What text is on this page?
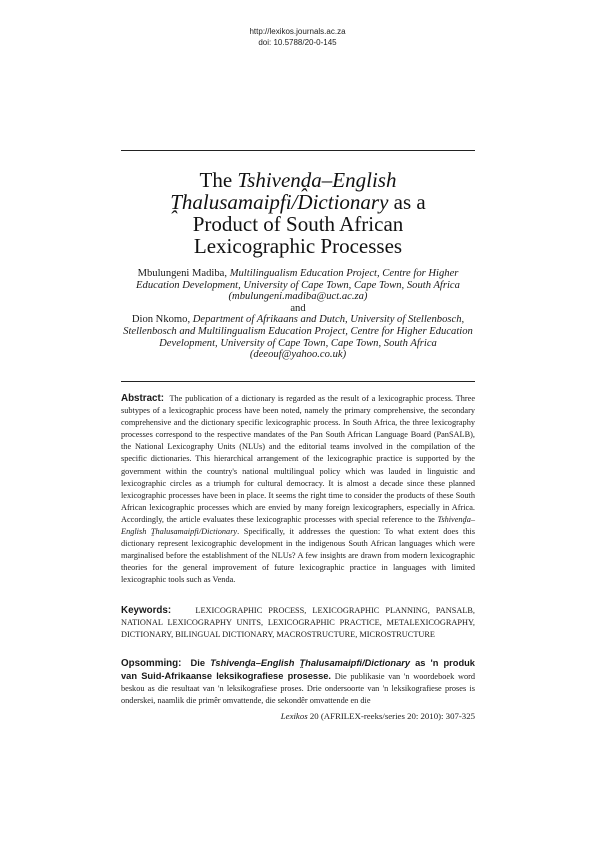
http://lexikos.journals.ac.za
doi: 10.5788/20-0-145
The Tshivenḓa–English
Ṱhalusamaipfi/Dictionary as a
Product of South African
Lexicographic Processes
Mbulungeni Madiba, Multilingualism Education Project, Centre for Higher Education Development, University of Cape Town, Cape Town, South Africa (mbulungeni.madiba@uct.ac.za)
and
Dion Nkomo, Department of Afrikaans and Dutch, University of Stellenbosch, Stellenbosch and Multilingualism Education Project, Centre for Higher Education Development, University of Cape Town, Cape Town, South Africa (deeouf@yahoo.co.uk)
Abstract: The publication of a dictionary is regarded as the result of a lexicographic process. Three subtypes of a lexicographic process have been noted, namely the primary comprehensive, the secondary comprehensive and the dictionary specific lexicographic process. In South Africa, the three lexicography processes correspond to the respective mandates of the Pan South African Language Board (PanSALB), the National Lexicography Units (NLUs) and the editorial teams involved in the compilation of the specific dictionaries. This hierarchical arrangement of the lexicographic practice is supported by the government within the country's national multilingual policy which was lauded in linguistic and lexicographic circles as a triumph for cultural democracy. It is almost a decade since these planned lexicographic processes have been in place. It seems the right time to consider the products of these South African lexicographic processes which are envied by many foreign lexicographers, especially in Africa. Accordingly, the article evaluates these lexicographic processes with special reference to the Tshivenḓa–English Ṱhalusamaipfi/Dictionary. Specifically, it addresses the question: To what extent does this dictionary represent lexicographic development in the indigenous South African languages which were marginalised before the establishment of the NLUs? A few insights are drawn from modern lexicographic theories for the general improvement of future lexicographic practice in languages with limited lexicographic tools such as Venda.
Keywords:	LEXICOGRAPHIC PROCESS, LEXICOGRAPHIC PLANNING, PANSALB, NATIONAL LEXICOGRAPHY UNITS, LEXICOGRAPHIC PRACTICE, METALEXICOGRAPHY, DICTIONARY, BILINGUAL DICTIONARY, MACROSTRUCTURE, MICROSTRUCTURE
Opsomming: Die Tshivenḓa–English Ṱhalusamaipfi/Dictionary as 'n produk van Suid-Afrikaanse leksikografiese prosesse. Die publikasie van 'n woordeboek word beskou as die resultaat van 'n leksikografiese proses. Drie ondersoorte van 'n leksikografiese proses is onderskei, naamlik die primêr omvattende, die sekondêr omvattende en die
Lexikos 20 (AFRILEX-reeks/series 20: 2010): 307-325
